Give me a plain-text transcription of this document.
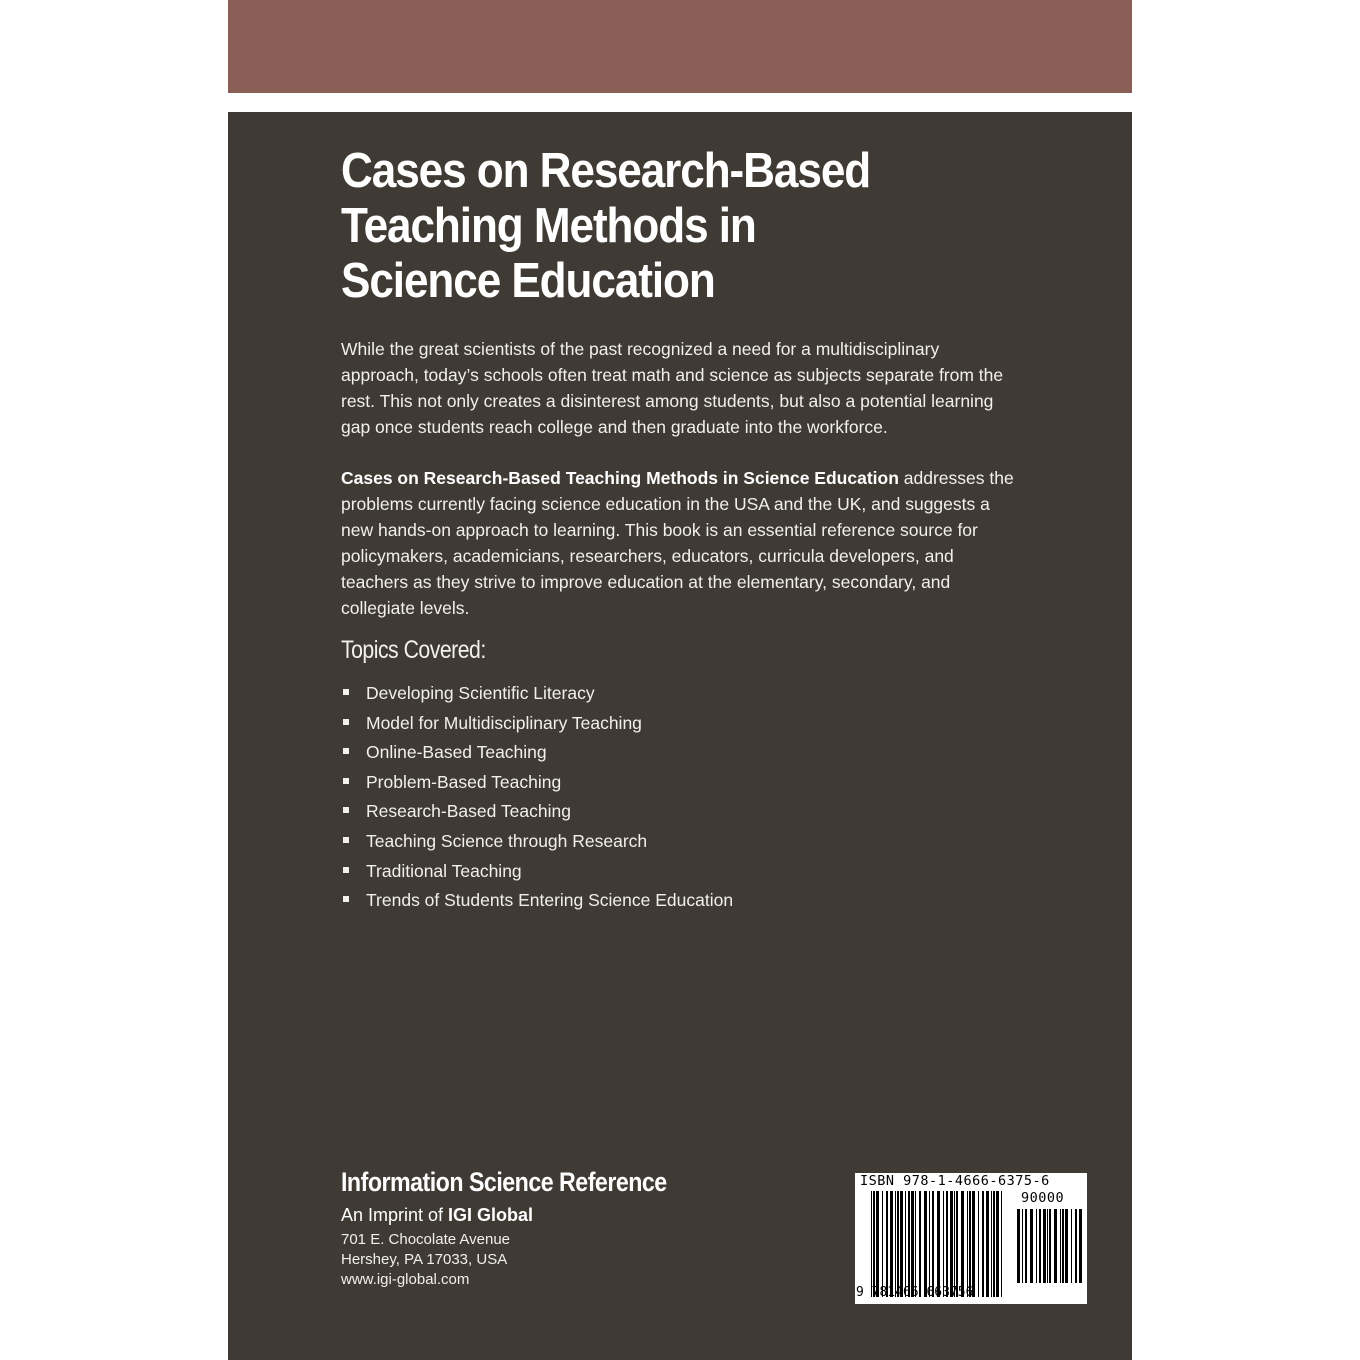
Cases on Research-Based
Teaching Methods in
Science Education

While the great scientists of the past recognized a need for a multidisciplinary approach, today’s schools often treat math and science as subjects separate from the rest. This not only creates a disinterest among students, but also a potential learning gap once students reach college and then graduate into the workforce.

Cases on Research-Based Teaching Methods in Science Education addresses the problems currently facing science education in the USA and the UK, and suggests a new hands-on approach to learning. This book is an essential reference source for policymakers, academicians, researchers, educators, curricula developers, and teachers as they strive to improve education at the elementary, secondary, and collegiate levels.

Topics Covered:
Developing Scientific Literacy
Model for Multidisciplinary Teaching
Online-Based Teaching
Problem-Based Teaching
Research-Based Teaching
Teaching Science through Research
Traditional Teaching
Trends of Students Entering Science Education
Information Science Reference
An Imprint of IGI Global
701 E. Chocolate Avenue
Hershey, PA 17033, USA
www.igi-global.com
ISBN 978-1-4666-6375-6
90000
9 781466 663756
